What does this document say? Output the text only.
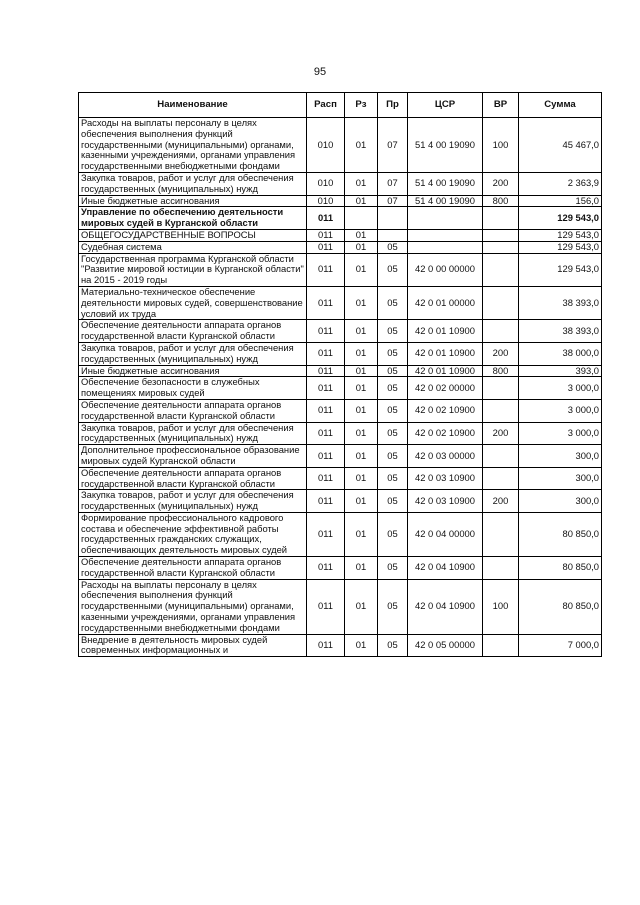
95
Наименование	Расп	Рз	Пр	ЦСР	ВР	Сумма
Расходы на выплаты персоналу в целях обеспечения выполнения функций государственными (муниципальными) органами, казенными учреждениями, органами управления государственными внебюджетными фондами	010	01	07	51 4 00 19090	100	45 467,0
Закупка товаров, работ и услуг для обеспечения государственных (муниципальных) нужд	010	01	07	51 4 00 19090	200	2 363,9
Иные бюджетные ассигнования	010	01	07	51 4 00 19090	800	156,0
Управление по обеспечению деятельности мировых судей в Курганской области	011					129 543,0
ОБЩЕГОСУДАРСТВЕННЫЕ ВОПРОСЫ	011	01				129 543,0
Судебная система	011	01	05			129 543,0
Государственная программа Курганской области "Развитие мировой юстиции в Курганской области" на 2015 - 2019 годы	011	01	05	42 0 00 00000		129 543,0
Материально-техническое обеспечение деятельности мировых судей, совершенствование условий их труда	011	01	05	42 0 01 00000		38 393,0
Обеспечение деятельности аппарата органов государственной власти Курганской области	011	01	05	42 0 01 10900		38 393,0
Закупка товаров, работ и услуг для обеспечения государственных (муниципальных) нужд	011	01	05	42 0 01 10900	200	38 000,0
Иные бюджетные ассигнования	011	01	05	42 0 01 10900	800	393,0
Обеспечение безопасности в служебных помещениях мировых судей	011	01	05	42 0 02 00000		3 000,0
Обеспечение деятельности аппарата органов государственной власти Курганской области	011	01	05	42 0 02 10900		3 000,0
Закупка товаров, работ и услуг для обеспечения государственных (муниципальных) нужд	011	01	05	42 0 02 10900	200	3 000,0
Дополнительное профессиональное образование мировых судей Курганской области	011	01	05	42 0 03 00000		300,0
Обеспечение деятельности аппарата органов государственной власти Курганской области	011	01	05	42 0 03 10900		300,0
Закупка товаров, работ и услуг для обеспечения государственных (муниципальных) нужд	011	01	05	42 0 03 10900	200	300,0
Формирование профессионального кадрового состава и обеспечение эффективной работы государственных гражданских служащих, обеспечивающих деятельность мировых судей	011	01	05	42 0 04 00000		80 850,0
Обеспечение деятельности аппарата органов государственной власти Курганской области	011	01	05	42 0 04 10900		80 850,0
Расходы на выплаты персоналу в целях обеспечения выполнения функций государственными (муниципальными) органами, казенными учреждениями, органами управления государственными внебюджетными фондами	011	01	05	42 0 04 10900	100	80 850,0
Внедрение в деятельность мировых судей современных информационных и	011	01	05	42 0 05 00000		7 000,0
